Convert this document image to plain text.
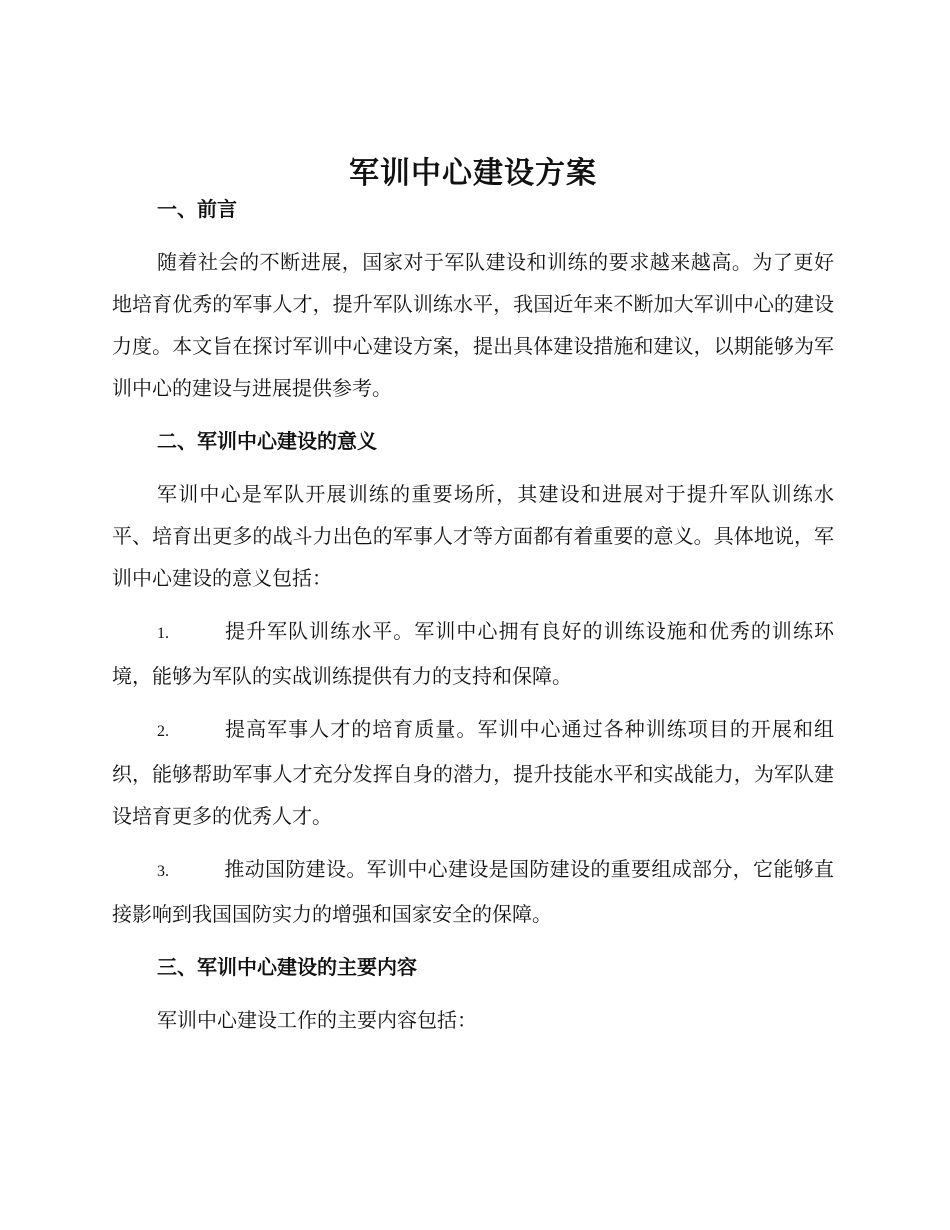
军训中心建设方案
一、前言

随着社会的不断进展，国家对于军队建设和训练的要求越来越高。为了更好地培育优秀的军事人才，提升军队训练水平，我国近年来不断加大军训中心的建设力度。本文旨在探讨军训中心建设方案，提出具体建设措施和建议，以期能够为军训中心的建设与进展提供参考。

二、军训中心建设的意义

军训中心是军队开展训练的重要场所，其建设和进展对于提升军队训练水平、培育出更多的战斗力出色的军事人才等方面都有着重要的意义。具体地说，军训中心建设的意义包括：

1.	提升军队训练水平。军训中心拥有良好的训练设施和优秀的训练环境，能够为军队的实战训练提供有力的支持和保障。

2.	提高军事人才的培育质量。军训中心通过各种训练项目的开展和组织，能够帮助军事人才充分发挥自身的潜力，提升技能水平和实战能力，为军队建设培育更多的优秀人才。

3.	推动国防建设。军训中心建设是国防建设的重要组成部分，它能够直接影响到我国国防实力的增强和国家安全的保障。

三、军训中心建设的主要内容

军训中心建设工作的主要内容包括：
